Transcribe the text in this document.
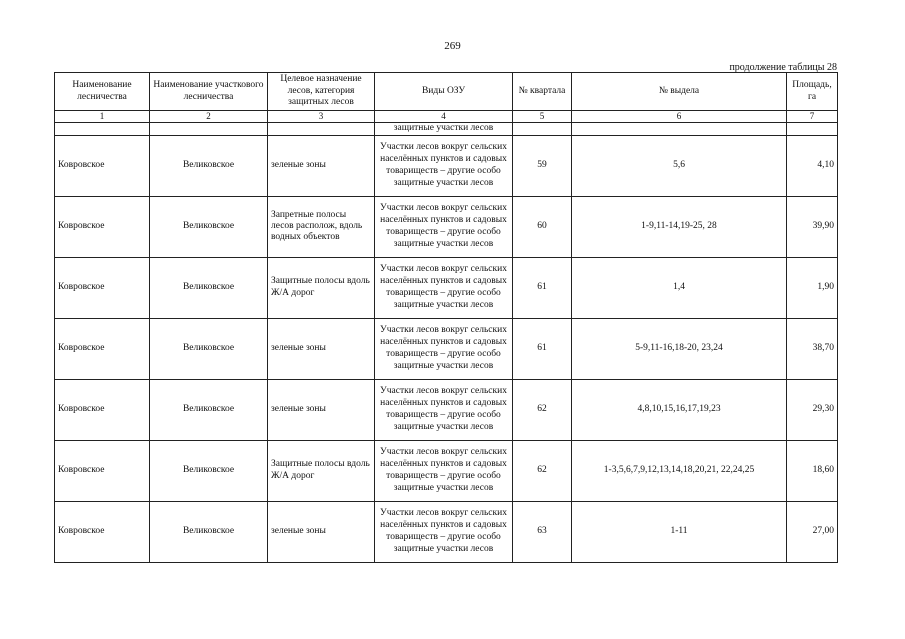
269
продолжение таблицы 28
Наименование лесничества	Наименование участкового лесничества	Целевое назначение лесов, категория защитных лесов	Виды ОЗУ	№ квартала	№ выдела	Площадь, га
1	2	3	4	5	6	7
			защитные участки лесов			
Ковровское	Великовское	зеленые зоны	Участки лесов вокруг сельских населённых пунктов и садовых товариществ – другие особо защитные участки лесов	59	5,6	4,10
Ковровское	Великовское	Запретные полосы лесов располож, вдоль водных объектов	Участки лесов вокруг сельских населённых пунктов и садовых товариществ – другие особо защитные участки лесов	60	1-9,11-14,19-25, 28	39,90
Ковровское	Великовское	Защитные полосы вдоль Ж/А дорог	Участки лесов вокруг сельских населённых пунктов и садовых товариществ – другие особо защитные участки лесов	61	1,4	1,90
Ковровское	Великовское	зеленые зоны	Участки лесов вокруг сельских населённых пунктов и садовых товариществ – другие особо защитные участки лесов	61	5-9,11-16,18-20, 23,24	38,70
Ковровское	Великовское	зеленые зоны	Участки лесов вокруг сельских населённых пунктов и садовых товариществ – другие особо защитные участки лесов	62	4,8,10,15,16,17,19,23	29,30
Ковровское	Великовское	Защитные полосы вдоль Ж/А дорог	Участки лесов вокруг сельских населённых пунктов и садовых товариществ – другие особо защитные участки лесов	62	1-3,5,6,7,9,12,13,14,18,20,21, 22,24,25	18,60
Ковровское	Великовское	зеленые зоны	Участки лесов вокруг сельских населённых пунктов и садовых товариществ – другие особо защитные участки лесов	63	1-11	27,00
